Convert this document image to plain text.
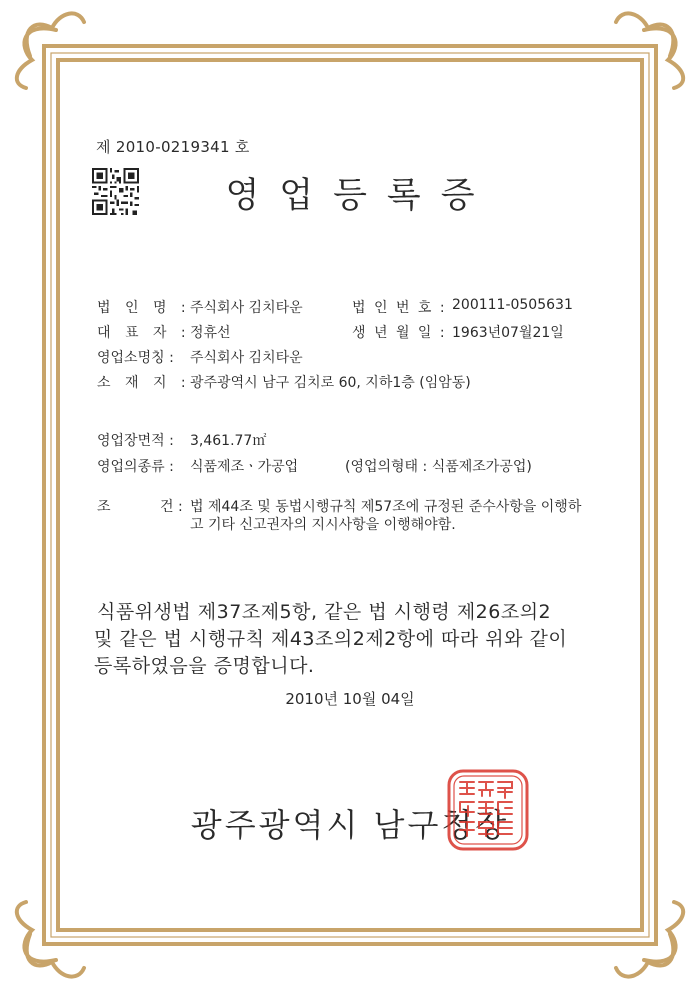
제 2010-0219341 호
영업등록증
법 인 명 : 주식회사 김치타운	법 인 번 호 : 200111-0505631
대 표 자 : 정휴선	생 년 월 일 : 1963년07월21일
영업소명칭 : 주식회사 김치타운
소 재 지 : 광주광역시 남구 김치로 60, 지하1층 (임암동)
영업장면적 : 3,461.77㎡
영업의종류 : 식품제조ㆍ가공업	(영업의형태 : 식품제조가공업)
조	건 : 법 제44조 및 동법시행규칙 제57조에 규정된 준수사항을 이행하
고 기타 신고권자의 지시사항을 이행해야함.
식품위생법 제37조제5항, 같은 법 시행령 제26조의2
및 같은 법 시행규칙 제43조의2제2항에 따라 위와 같이
등록하였음을 증명합니다.
2010년 10월 04일
광주광역시 남구청장
